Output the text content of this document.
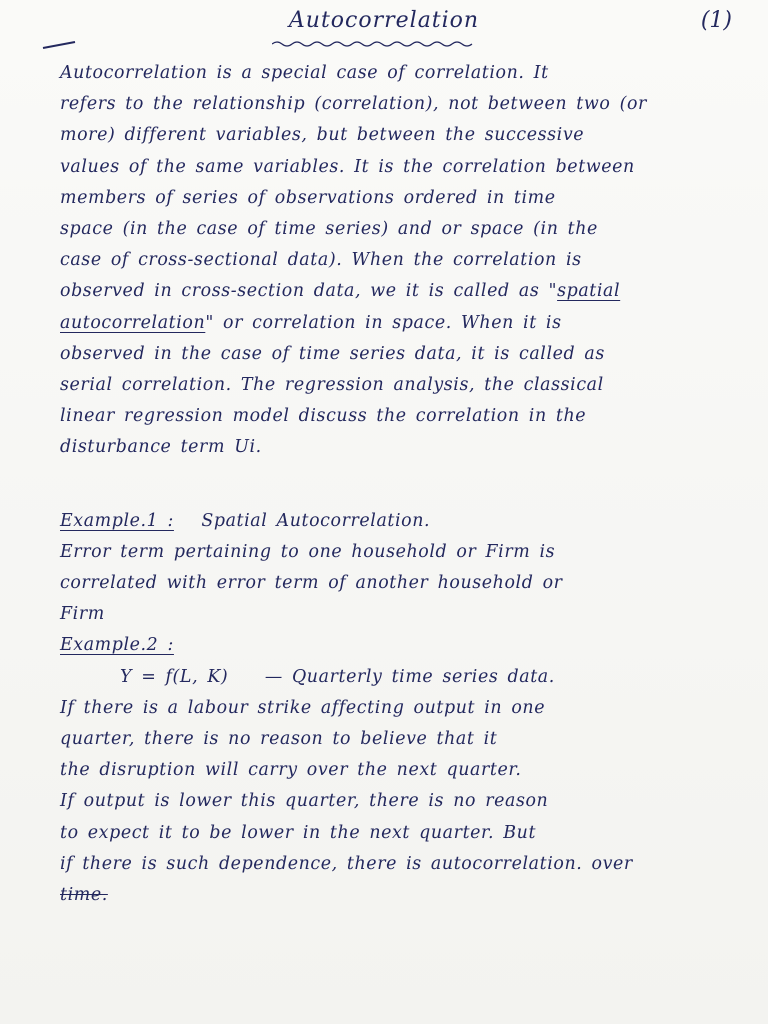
Autocorrelation	(1)
Autocorrelation is a special case of correlation. It
refers to the relationship (correlation), not between two (or
more) different variables, but between the successive
values of the same variables. It is the correlation between
members of series of observations ordered in time
space (in the case of time series) and or space (in the
case of cross-sectional data). When the correlation is
observed in cross-section data, we it is called as "spatial
autocorrelation" or correlation in space. When it is
observed in the case of time series data, it is called as
serial correlation. The regression analysis, the classical
linear regression model discuss the correlation in the
disturbance term Ui.
Example.1 : Spatial Autocorrelation.
Error term pertaining to one household or Firm is
correlated with error term of another household or
Firm
Example.2 :
Y = f(L, K) — Quarterly time series data.
If there is a labour strike affecting output in one
quarter, there is no reason to believe that it
the disruption will carry over the next quarter.
If output is lower this quarter, there is no reason
to expect it to be lower in the next quarter. But
if there is such dependence, there is autocorrelation. over
time.
